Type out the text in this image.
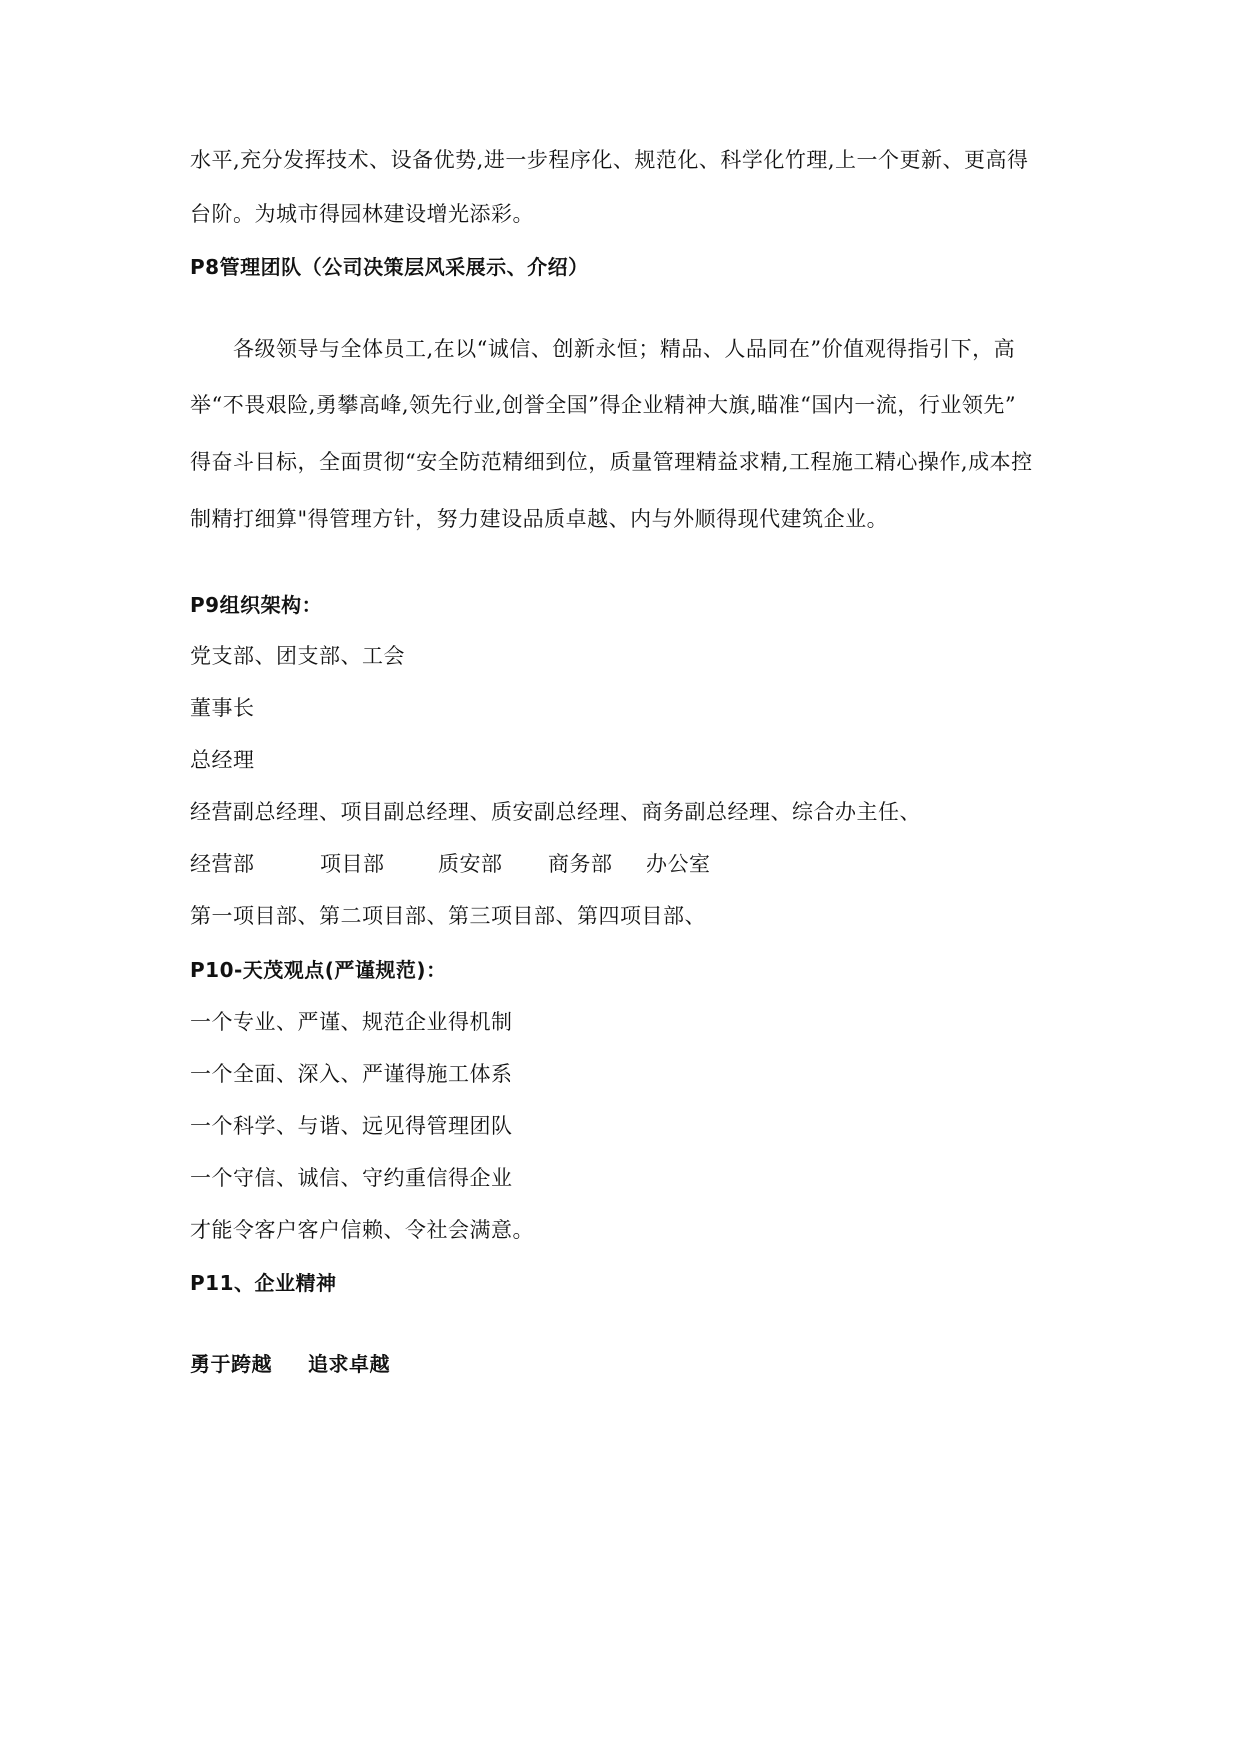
水平,充分发挥技术、设备优势,进一步程序化、规范化、科学化竹理,上一个更新、更高得
台阶。为城市得园林建设增光添彩。
P8管理团队（公司决策层风采展示、介绍）
各级领导与全体员工,在以“诚信、创新永恒；精品、人品同在”价值观得指引下，高
举“不畏艰险,勇攀高峰,领先行业,创誉全国”得企业精神大旗,瞄准“国内一流，行业领先”
得奋斗目标，全面贯彻“安全防范精细到位，质量管理精益求精,工程施工精心操作,成本控
制精打细算"得管理方针，努力建设品质卓越、内与外顺得现代建筑企业。
P9组织架构：
党支部、团支部、工会
董事长
总经理
经营副总经理、项目副总经理、质安副总经理、商务副总经理、综合办主任、
经营部	项目部	质安部 商务部 办公室
第一项目部、第二项目部、第三项目部、第四项目部、
P10-天茂观点(严谨规范)：
一个专业、严谨、规范企业得机制
一个全面、深入、严谨得施工体系
一个科学、与谐、远见得管理团队
一个守信、诚信、守约重信得企业
才能令客户客户信赖、令社会满意。
P11、企业精神
勇于跨越 追求卓越
